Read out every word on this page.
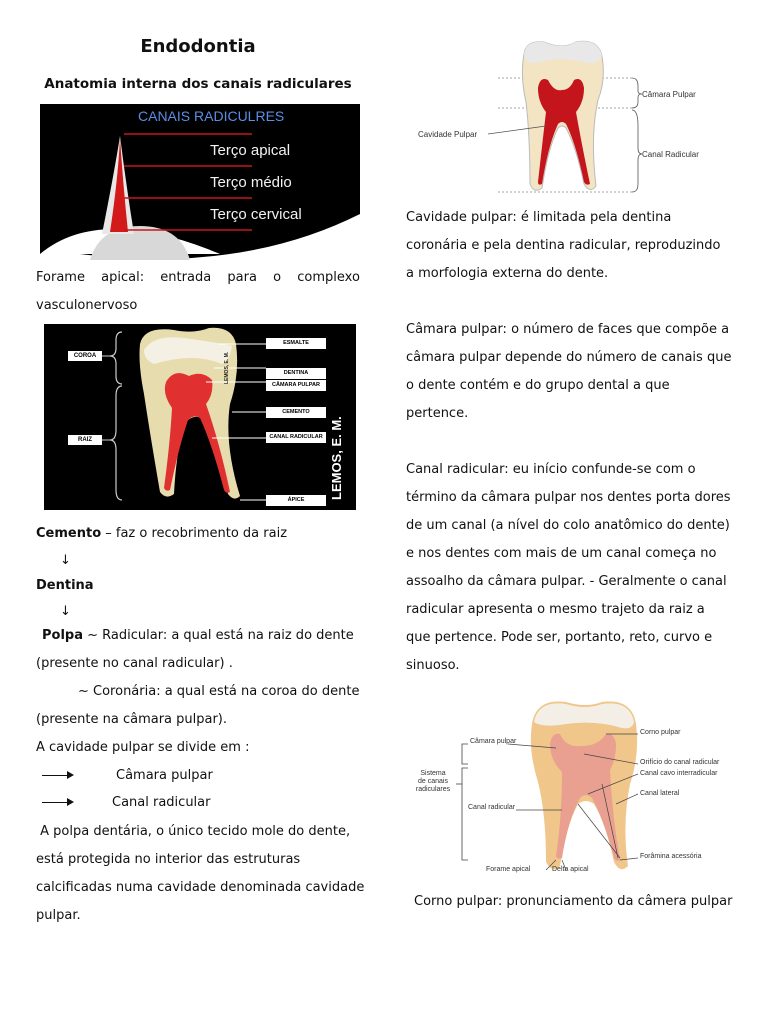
Endodontia
Anatomia interna dos canais radiculares
CANAIS RADICULRES
Terço apical
Terço médio
Terço cervical
Forame apical: entrada para o complexo
vasculonervoso
COROA
RAIZ
ESMALTE
DENTINA
CÂMARA PULPAR
CEMENTO
CANAL RADICULAR
ÁPICE	LEMOS, E. M.
LEMOS, E. M.
Cemento – faz o recobrimento da raiz
↓
Dentina
↓
Polpa ~ Radicular: a qual está na raiz do dente
(presente no canal radicular) .
~ Coronária: a qual está na coroa do dente
(presente na câmara pulpar).
A cavidade pulpar se divide em :
Câmara pulpar
Canal radicular
A polpa dentária, o único tecido mole do dente,
está protegida no interior das estruturas
calcificadas numa cavidade denominada cavidade
pulpar.
Cavidade Pulpar
Câmara Pulpar
Canal Radicular
Cavidade pulpar: é limitada pela dentina
coronária e pela dentina radicular, reproduzindo
a morfologia externa do dente.
Câmara pulpar: o número de faces que compõe a
câmara pulpar depende do número de canais que
o dente contém e do grupo dental a que
pertence.
Canal radicular: eu início confunde-se com o
término da câmara pulpar nos dentes porta dores
de um canal (a nível do colo anatômico do dente)
e nos dentes com mais de um canal começa no
assoalho da câmara pulpar. - Geralmente o canal
radicular apresenta o mesmo trajeto da raiz a
que pertence. Pode ser, portanto, reto, curvo e
sinuoso.
Câmara pulpar
Sistema
de canais
radiculares
Canal radicular
Forame apical	Delta apical
Corno pulpar
Orifício do canal radicular
Canal cavo interradicular
Canal lateral
Forâmina acessória
Corno pulpar: pronunciamento da câmera pulpar
